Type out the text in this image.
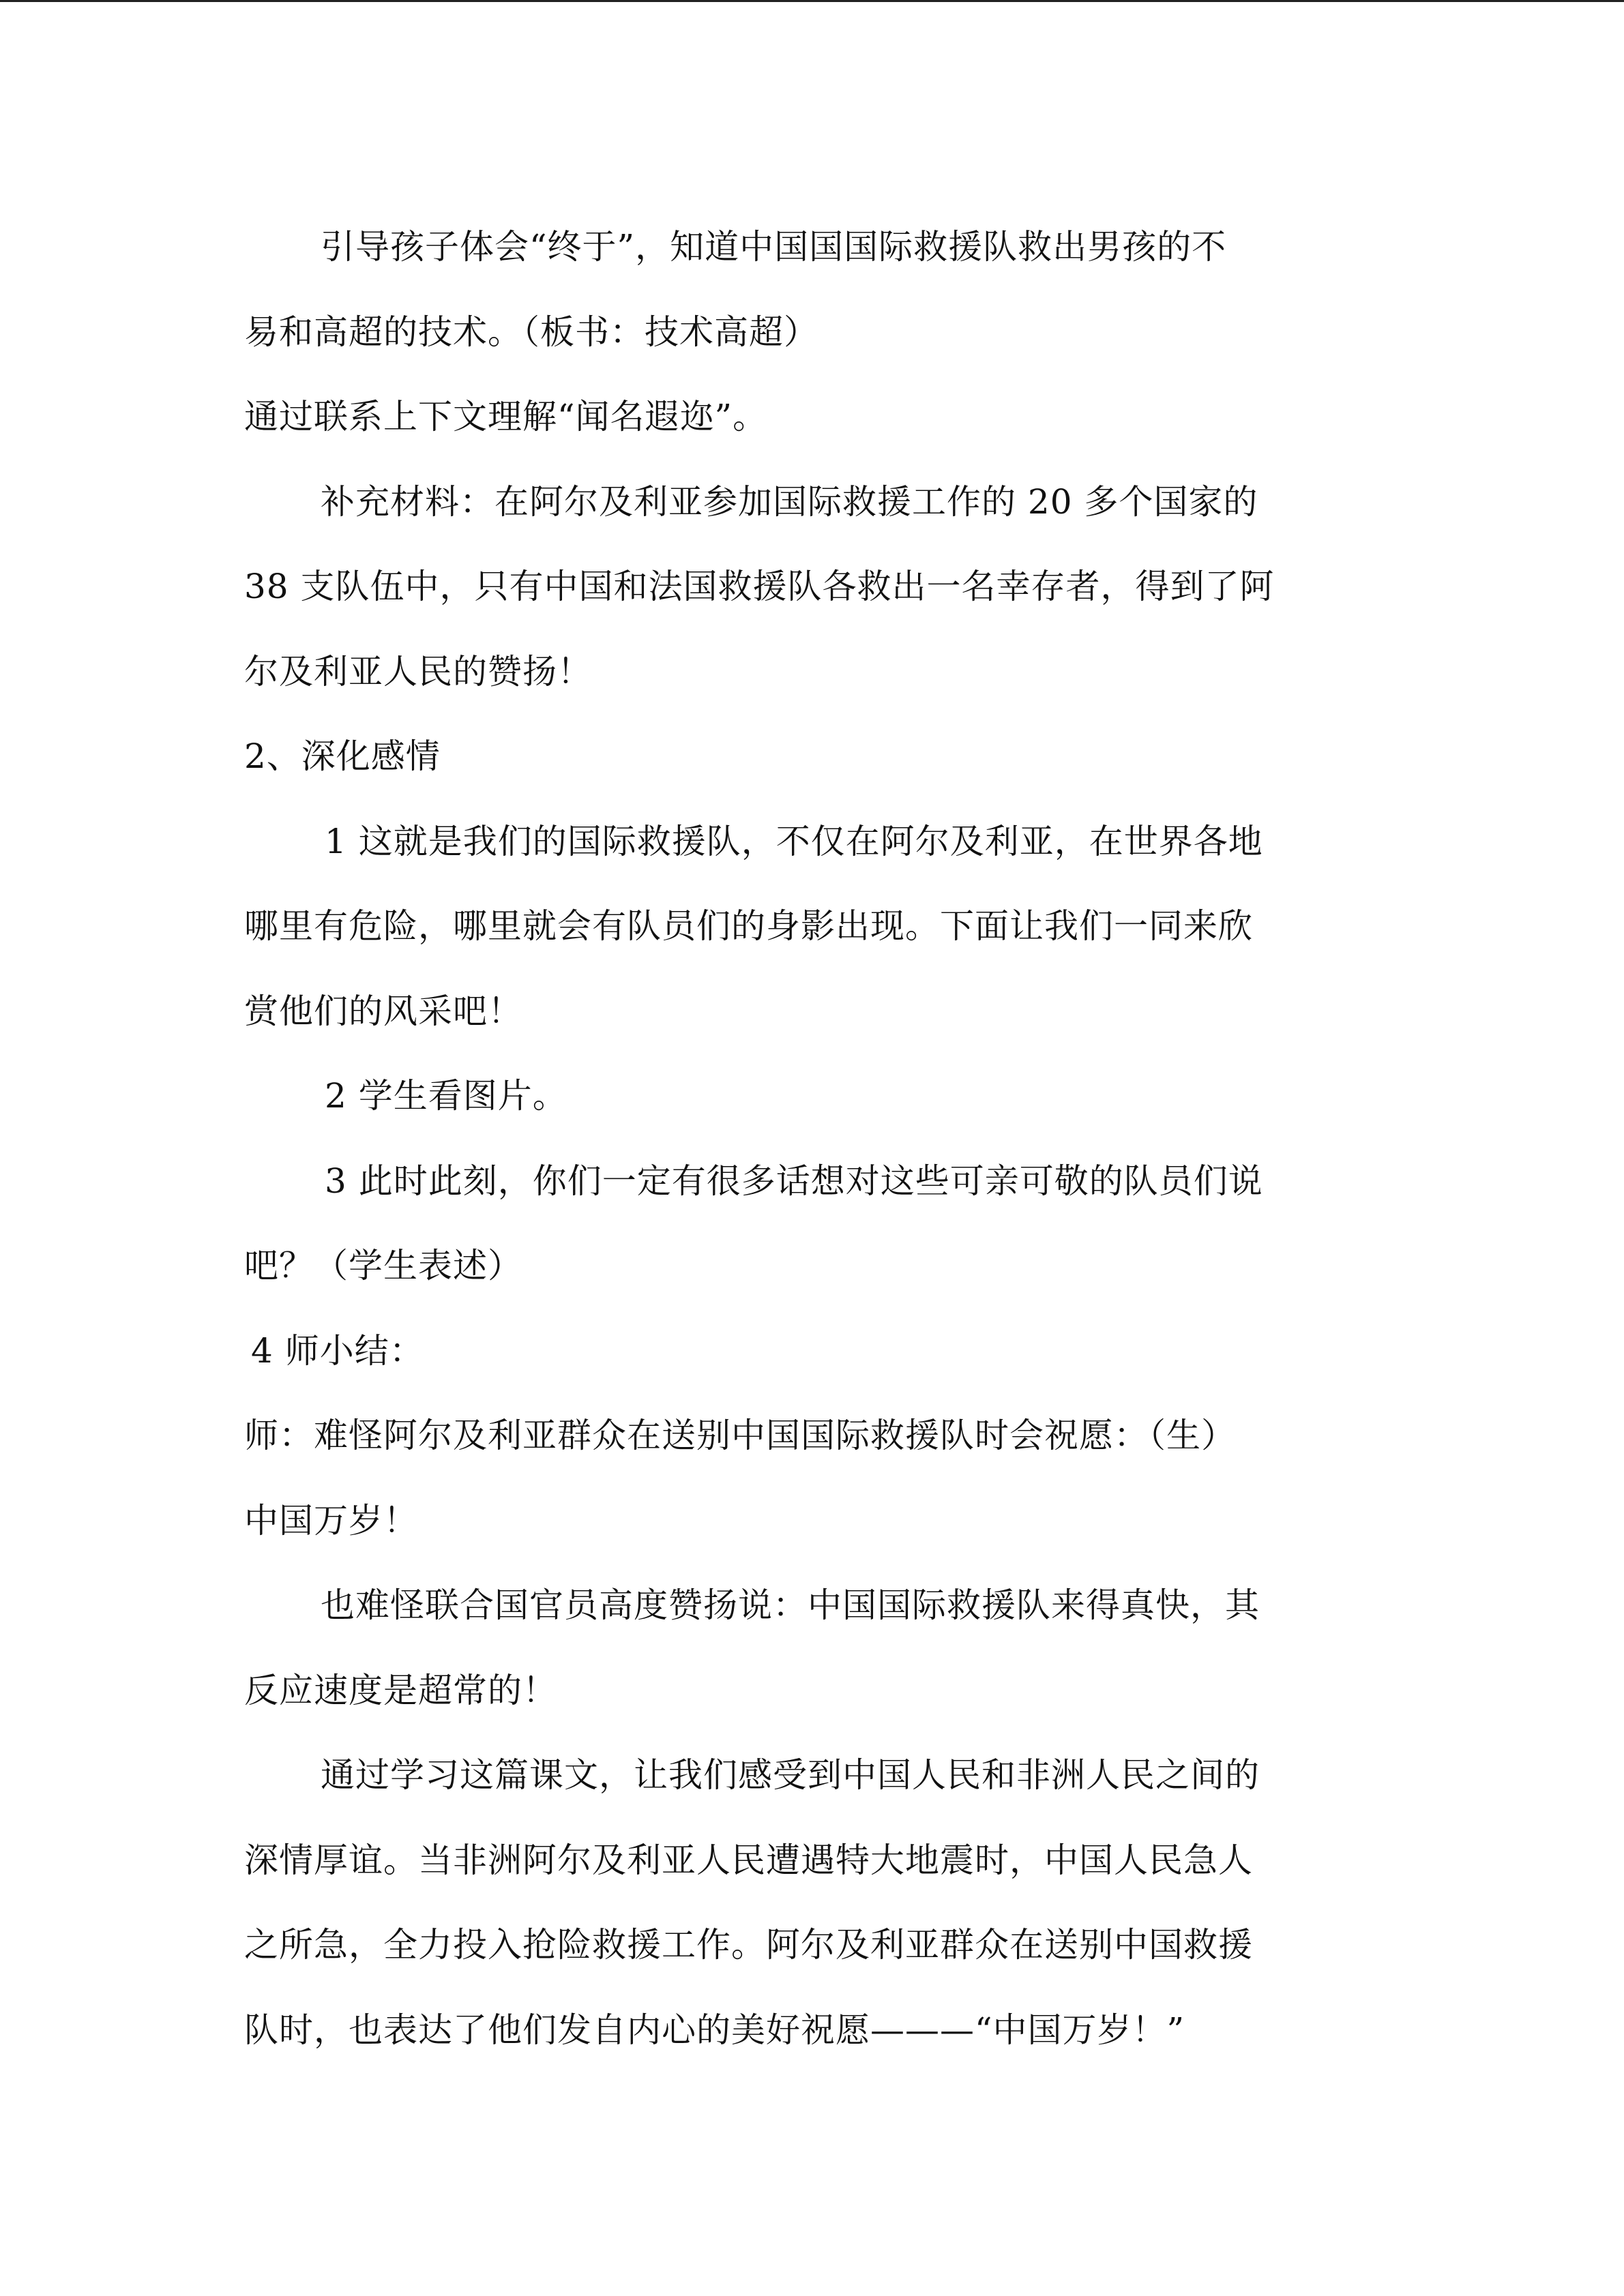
引导孩子体会“终于”，知道中国国国际救援队救出男孩的不
易和高超的技术。（板书：技术高超）
通过联系上下文理解“闻名遐迩”。
补充材料：在阿尔及利亚参加国际救援工作的 20 多个国家的
38 支队伍中，只有中国和法国救援队各救出一名幸存者，得到了阿
尔及利亚人民的赞扬！
2、深化感情
1 这就是我们的国际救援队，不仅在阿尔及利亚，在世界各地
哪里有危险，哪里就会有队员们的身影出现。下面让我们一同来欣
赏他们的风采吧！
2 学生看图片。
3 此时此刻，你们一定有很多话想对这些可亲可敬的队员们说
吧？（学生表述）
4 师小结：
师：难怪阿尔及利亚群众在送别中国国际救援队时会祝愿：（生）
中国万岁！
也难怪联合国官员高度赞扬说：中国国际救援队来得真快，其
反应速度是超常的！
通过学习这篇课文，让我们感受到中国人民和非洲人民之间的
深情厚谊。当非洲阿尔及利亚人民遭遇特大地震时，中国人民急人
之所急，全力投入抢险救援工作。阿尔及利亚群众在送别中国救援
队时，也表达了他们发自内心的美好祝愿———“中国万岁！”
